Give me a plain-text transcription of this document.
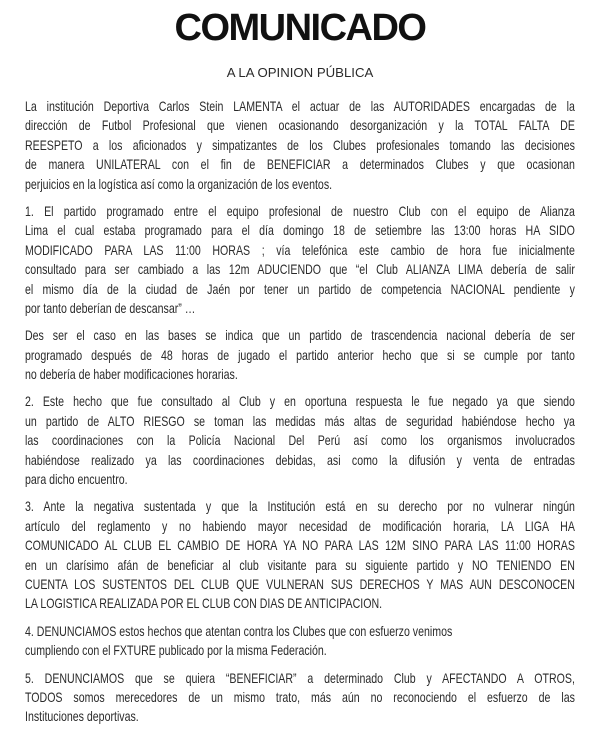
COMUNICADO
A LA OPINION PÚBLICA
La institución Deportiva Carlos Stein LAMENTA el actuar de las AUTORIDADES encargadas de la
dirección de Futbol Profesional que vienen ocasionando desorganización y la TOTAL FALTA DE
REESPETO a los aficionados y simpatizantes de los Clubes profesionales tomando las decisiones
de manera UNILATERAL con el fin de BENEFICIAR a determinados Clubes y que ocasionan
perjuicios en la logística así como la organización de los eventos.
1. El partido programado entre el equipo profesional de nuestro Club con el equipo de Alianza
Lima el cual estaba programado para el día domingo 18 de setiembre las 13:00 horas HA SIDO
MODIFICADO PARA LAS 11:00 HORAS ; vía telefónica este cambio de hora fue inicialmente
consultado para ser cambiado a las 12m ADUCIENDO que “el Club ALIANZA LIMA debería de salir
el mismo día de la ciudad de Jaén por tener un partido de competencia NACIONAL pendiente y
por tanto deberían de descansar” …
Des ser el caso en las bases se indica que un partido de trascendencia nacional debería de ser
programado después de 48 horas de jugado el partido anterior hecho que si se cumple por tanto
no debería de haber modificaciones horarias.
2. Este hecho que fue consultado al Club y en oportuna respuesta le fue negado ya que siendo
un partido de ALTO RIESGO se toman las medidas más altas de seguridad habiéndose hecho ya
las coordinaciones con la Policía Nacional Del Perú así como los organismos involucrados
habiéndose realizado ya las coordinaciones debidas, asi como la difusión y venta de entradas
para dicho encuentro.
3. Ante la negativa sustentada y que la Institución está en su derecho por no vulnerar ningún
artículo del reglamento y no habiendo mayor necesidad de modificación horaria, LA LIGA HA
COMUNICADO AL CLUB EL CAMBIO DE HORA YA NO PARA LAS 12M SINO PARA LAS 11:00 HORAS
en un clarísimo afán de beneficiar al club visitante para su siguiente partido y NO TENIENDO EN
CUENTA LOS SUSTENTOS DEL CLUB QUE VULNERAN SUS DERECHOS Y MAS AUN DESCONOCEN
LA LOGISTICA REALIZADA POR EL CLUB CON DIAS DE ANTICIPACION.
4. DENUNCIAMOS estos hechos que atentan contra los Clubes que con esfuerzo venimos
cumpliendo con el FXTURE publicado por la misma Federación.
5. DENUNCIAMOS que se quiera “BENEFICIAR” a determinado Club y AFECTANDO A OTROS,
TODOS somos merecedores de un mismo trato, más aún no reconociendo el esfuerzo de las
Instituciones deportivas.
